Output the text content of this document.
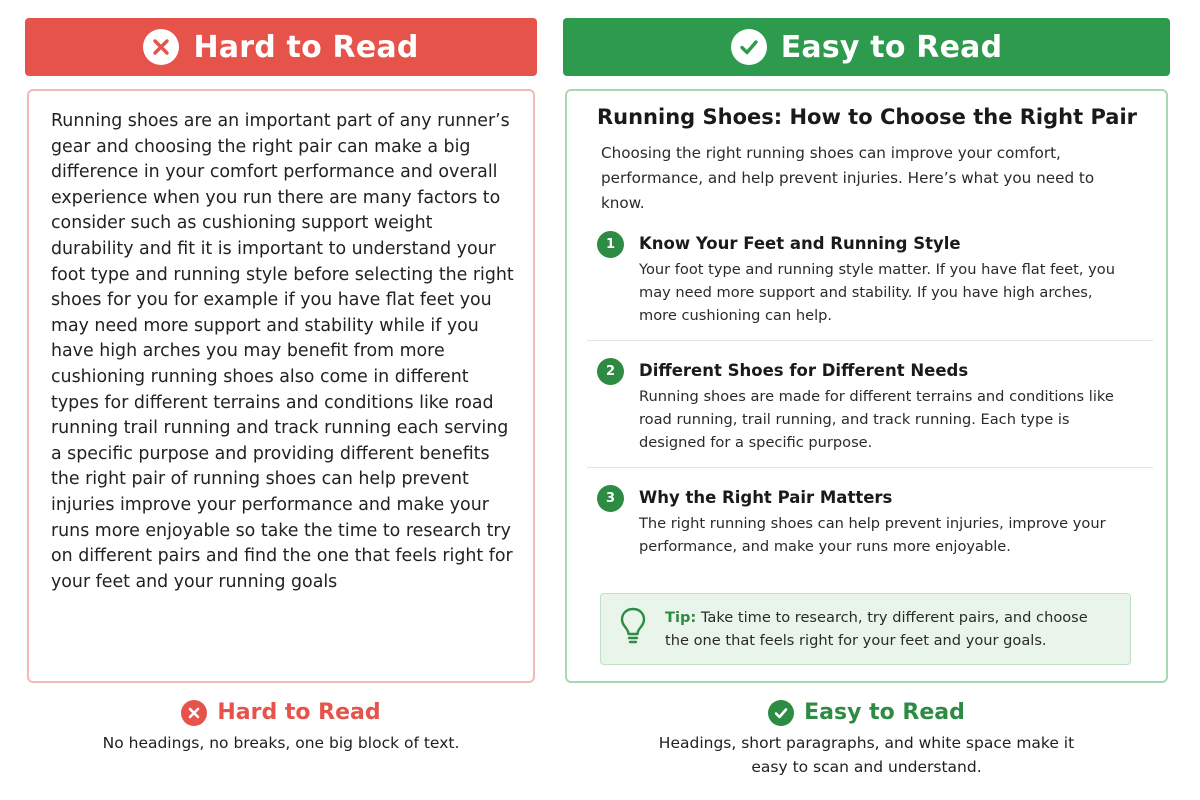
Hard to Read	Easy to Read

Running shoes are an important part of any runner’s gear and choosing the right pair can make a big difference in your comfort performance and overall experience when you run there are many factors to consider such as cushioning support weight durability and fit it is important to understand your foot type and running style before selecting the right shoes for you for example if you have flat feet you may need more support and stability while if you have high arches you may benefit from more cushioning running shoes also come in different types for different terrains and conditions like road running trail running and track running each serving a specific purpose and providing different benefits the right pair of running shoes can help prevent injuries improve your performance and make your runs more enjoyable so take the time to research try on different pairs and find the one that feels right for your feet and your running goals

Running Shoes: How to Choose the Right Pair

Choosing the right running shoes can improve your comfort, performance, and help prevent injuries. Here’s what you need to know.

1	Know Your Feet and Running Style

Your foot type and running style matter. If you have flat feet, you may need more support and stability. If you have high arches, more cushioning can help.

2	Different Shoes for Different Needs

Running shoes are made for different terrains and conditions like road running, trail running, and track running. Each type is designed for a specific purpose.

3	Why the Right Pair Matters

The right running shoes can help prevent injuries, improve your performance, and make your runs more enjoyable.

Tip: Take time to research, try different pairs, and choose the one that feels right for your feet and your goals.

Hard to Read

No headings, no breaks, one big block of text.

Easy to Read

Headings, short paragraphs, and white space make it easy to scan and understand.
